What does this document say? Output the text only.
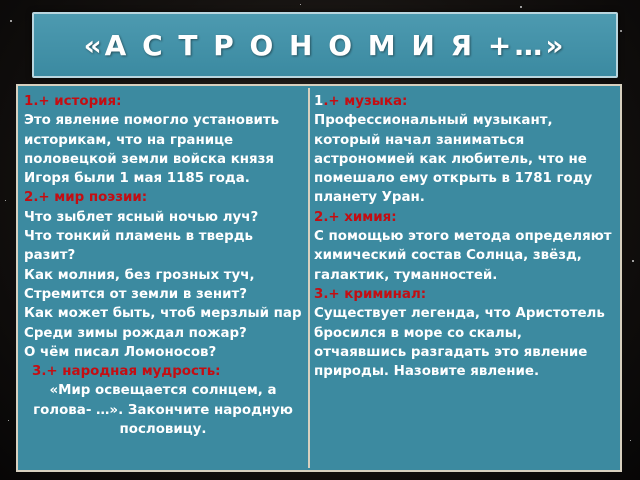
«А С Т Р О Н О М И Я +…»
1.+ история:
Это явление помогло установить историкам, что на границе половецкой земли войска князя Игоря были 1 мая 1185 года.
2.+ мир поэзии:
Что зыблет ясный ночью луч?
Что тонкий пламень в твердь разит?
Как молния, без грозных туч,
Стремится от земли в зенит?
Как может быть, чтоб мерзлый пар
Среди зимы рождал пожар?
О чём писал Ломоносов?
3.+ народная мудрость:
«Мир освещается солнцем, а голова- …». Закончите народную пословицу.
1.+ музыка:
Профессиональный музыкант, который начал заниматься астрономией как любитель, что не помешало ему открыть в 1781 году планету Уран.
2.+ химия:
С помощью этого метода определяют химический состав Солнца, звёзд, галактик, туманностей.
3.+ криминал:
Существует легенда, что Аристотель бросился в море со скалы, отчаявшись разгадать это явление природы. Назовите явление.
